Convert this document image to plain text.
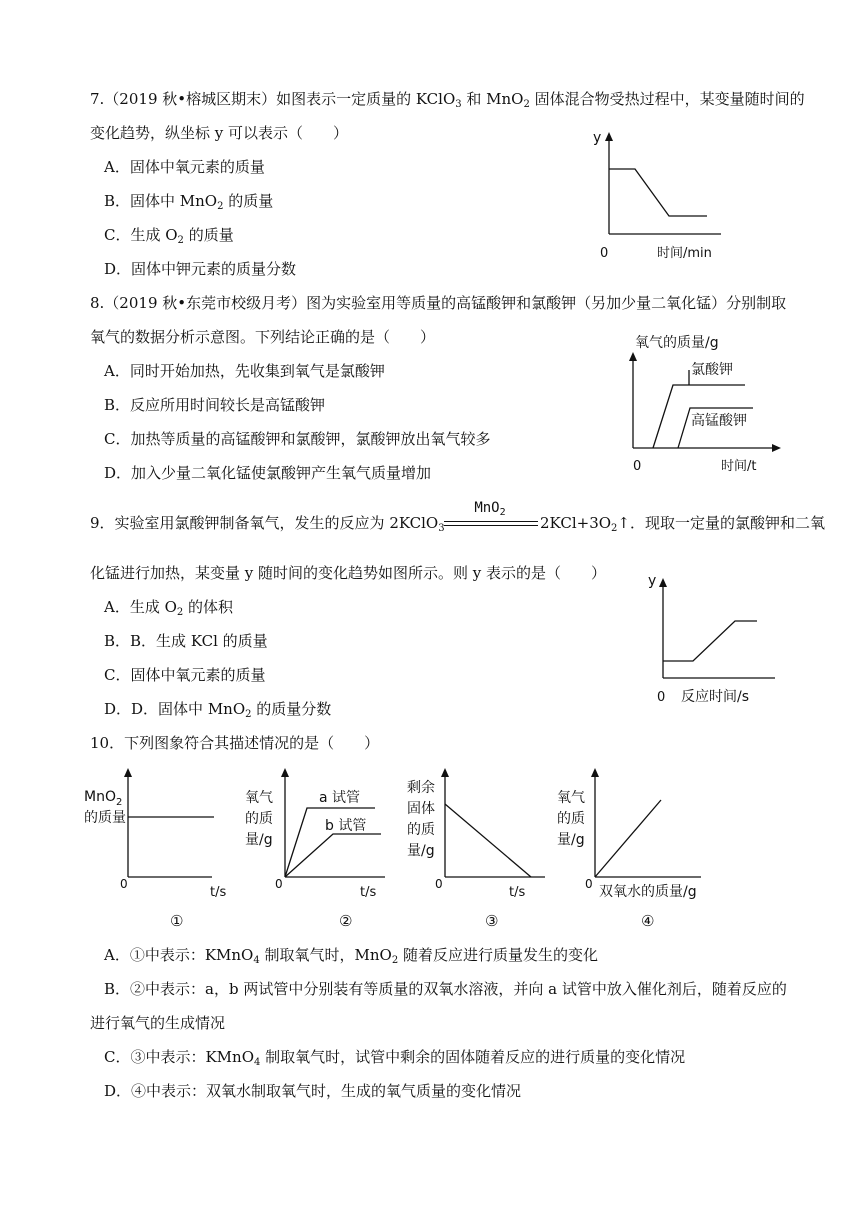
7.（2019 秋•榕城区期末）如图表示一定质量的 KClO$_3$ 和 MnO$_2$ 固体混合物受热过程中，某变量随时间的
变化趋势，纵坐标 y 可以表示（　　）
A．固体中氧元素的质量
B．固体中 MnO$_2$ 的质量
C．生成 $O_2$ 的质量
D．固体中钾元素的质量分数
y
0	时间/min
8.（2019 秋•东莞市校级月考）图为实验室用等质量的高锰酸钾和氯酸钾（另加少量二氧化锰）分别制取
氧气的数据分析示意图。下列结论正确的是（　　）
A．同时开始加热，先收集到氧气是氯酸钾
B．反应所用时间较长是高锰酸钾
C．加热等质量的高锰酸钾和氯酸钾，氯酸钾放出氧气较多
D．加入少量二氧化锰使氯酸钾产生氧气质量增加
氧气的质量/g
氯酸钾
高锰酸钾
0	时间/t
9．实验室用氯酸钾制备氧气，发生的反应为 2KClO$_3$
MnO$_2$
$2KCl+3O_2↑$．现取一定量的氯酸钾和二氧
化锰进行加热，某变量 y 随时间的变化趋势如图所示。则 y 表示的是（　　）
A．生成 $O_2$ 的体积
B．B．生成 KCl 的质量
C．固体中氧元素的质量
D．D．固体中 MnO$_2$ 的质量分数
y
0 反应时间/s
10．下列图象符合其描述情况的是（　　）
MnO$_2$
的质量
0
t/s
①
氧气
的质
量/g
a 试管
b 试管
0
t/s
②
剩余
固体
的质
量/g
0
t/s
③
氧气
的质
量/g
0 双氧水的质量/g
④
A．①中表示：KMnO$_4$ 制取氧气时，MnO$_2$ 随着反应进行质量发生的变化
B．②中表示：a，b 两试管中分别装有等质量的双氧水溶液，并向 a 试管中放入催化剂后，随着反应的
进行氧气的生成情况
C．③中表示：KMnO$_4$ 制取氧气时，试管中剩余的固体随着反应的进行质量的变化情况
D．④中表示：双氧水制取氧气时，生成的氧气质量的变化情况
